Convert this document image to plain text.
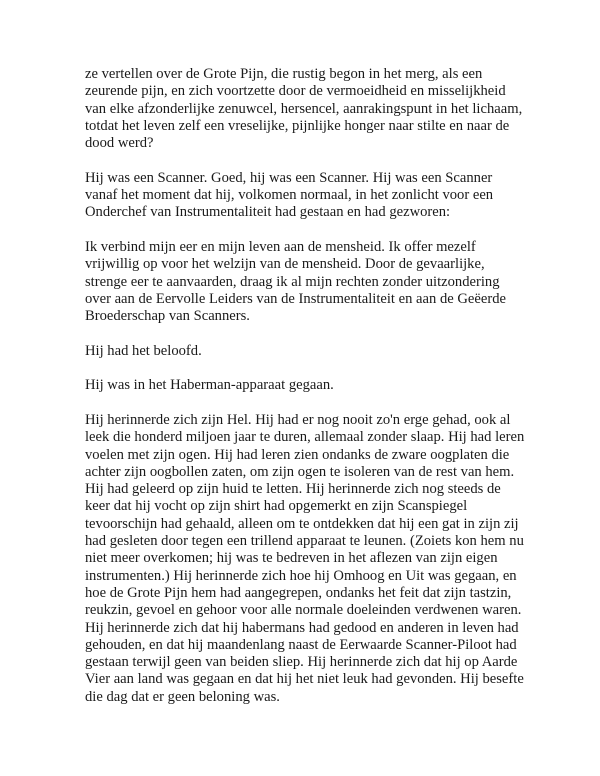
ze vertellen over de Grote Pijn, die rustig begon in het merg, als een zeurende pijn, en zich voortzette door de vermoeidheid en misselijkheid van elke afzonderlijke zenuwcel, hersencel, aanrakingspunt in het lichaam, totdat het leven zelf een vreselijke, pijnlijke honger naar stilte en naar de dood werd?

Hij was een Scanner. Goed, hij was een Scanner. Hij was een Scanner vanaf het moment dat hij, volkomen normaal, in het zonlicht voor een Onderchef van Instrumentaliteit had gestaan en had gezworen:

Ik verbind mijn eer en mijn leven aan de mensheid. Ik offer mezelf vrijwillig op voor het welzijn van de mensheid. Door de gevaarlijke, strenge eer te aanvaarden, draag ik al mijn rechten zonder uitzondering over aan de Eervolle Leiders van de Instrumentaliteit en aan de Geëerde Broederschap van Scanners.

Hij had het beloofd.

Hij was in het Haberman-apparaat gegaan.

Hij herinnerde zich zijn Hel. Hij had er nog nooit zo'n erge gehad, ook al leek die honderd miljoen jaar te duren, allemaal zonder slaap. Hij had leren voelen met zijn ogen. Hij had leren zien ondanks de zware oogplaten die achter zijn oogbollen zaten, om zijn ogen te isoleren van de rest van hem. Hij had geleerd op zijn huid te letten. Hij herinnerde zich nog steeds de keer dat hij vocht op zijn shirt had opgemerkt en zijn Scanspiegel tevoorschijn had gehaald, alleen om te ontdekken dat hij een gat in zijn zij had gesleten door tegen een trillend apparaat te leunen. (Zoiets kon hem nu niet meer overkomen; hij was te bedreven in het aflezen van zijn eigen instrumenten.) Hij herinnerde zich hoe hij Omhoog en Uit was gegaan, en hoe de Grote Pijn hem had aangegrepen, ondanks het feit dat zijn tastzin, reukzin, gevoel en gehoor voor alle normale doeleinden verdwenen waren. Hij herinnerde zich dat hij habermans had gedood en anderen in leven had gehouden, en dat hij maandenlang naast de Eerwaarde Scanner-Piloot had gestaan terwijl geen van beiden sliep. Hij herinnerde zich dat hij op Aarde Vier aan land was gegaan en dat hij het niet leuk had gevonden. Hij besefte die dag dat er geen beloning was.
